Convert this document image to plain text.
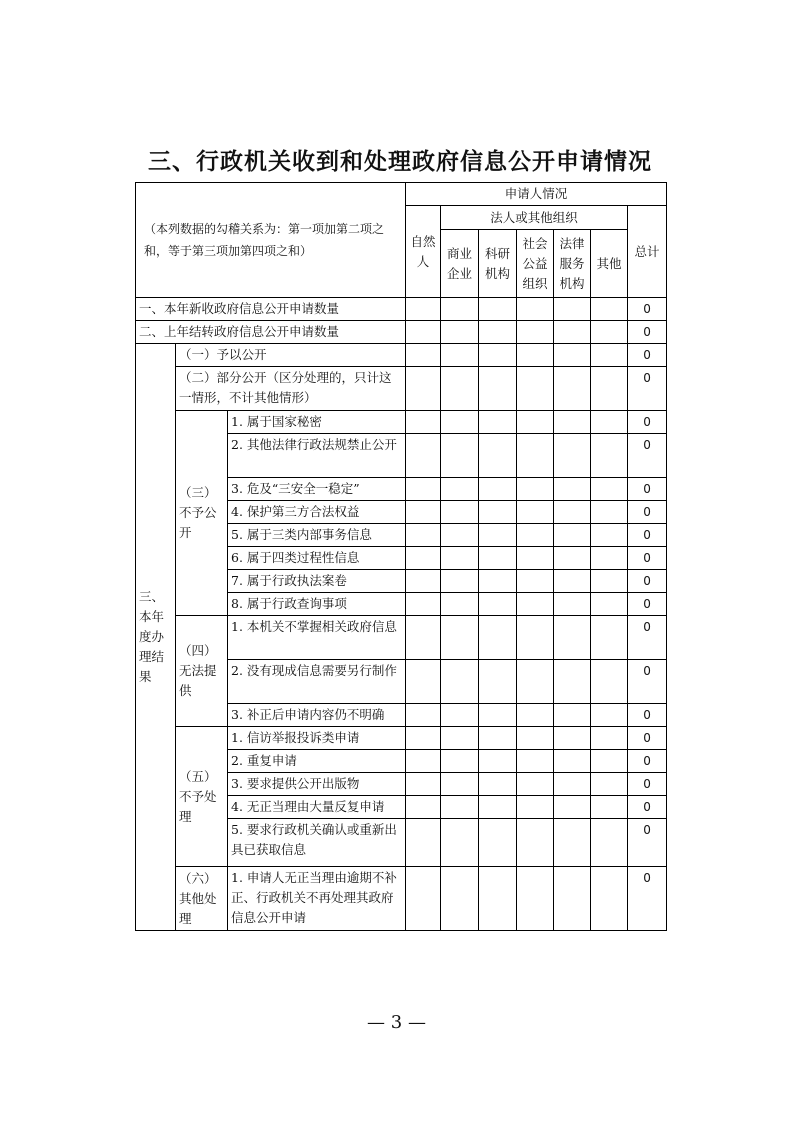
三、行政机关收到和处理政府信息公开申请情况
（本列数据的勾稽关系为：第一项加第二项之和，等于第三项加第四项之和）			申请人情况						
			自然人	法人或其他组织					总计
				商业企业	科研机构	社会公益组织	法律服务机构	其他	
一、本年新收政府信息公开申请数量									0
二、上年结转政府信息公开申请数量									0
三、本年度办理结果	（一）予以公开								0
	（二）部分公开（区分处理的，只计这一情形，不计其他情形）								0
	（三）不予公开	1. 属于国家秘密							0
		2. 其他法律行政法规禁止公开							0
		3. 危及“三安全一稳定”							0
		4. 保护第三方合法权益							0
		5. 属于三类内部事务信息							0
		6. 属于四类过程性信息							0
		7. 属于行政执法案卷							0
		8. 属于行政查询事项							0
	（四）无法提供	1. 本机关不掌握相关政府信息							0
		2. 没有现成信息需要另行制作							0
		3. 补正后申请内容仍不明确							0
	（五）不予处理	1. 信访举报投诉类申请							0
		2. 重复申请							0
		3. 要求提供公开出版物							0
		4. 无正当理由大量反复申请							0
		5. 要求行政机关确认或重新出具已获取信息							0
	（六）其他处理	1. 申请人无正当理由逾期不补正、行政机关不再处理其政府信息公开申请							0
— 3 —
